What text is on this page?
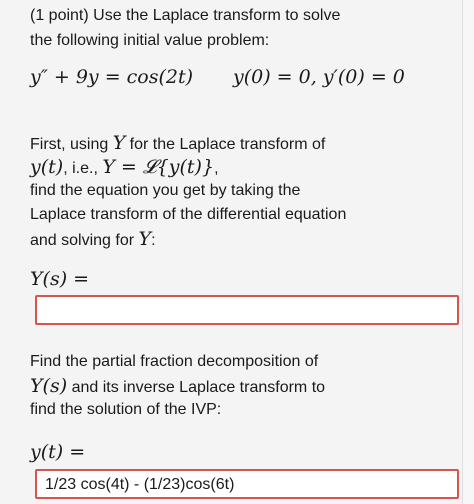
(1 point) Use the Laplace transform to solve
the following initial value problem:
y″ + 9y = cos(2t) y(0) = 0, y′(0) = 0
First, using Y for the Laplace transform of
y(t), i.e., Y = 𝓛{y(t)},
find the equation you get by taking the
Laplace transform of the differential equation
and solving for Y:
Y(s) =
Find the partial fraction decomposition of
Y(s) and its inverse Laplace transform to
find the solution of the IVP:
y(t) =
1/23 cos(4t) - (1/23)cos(6t)
